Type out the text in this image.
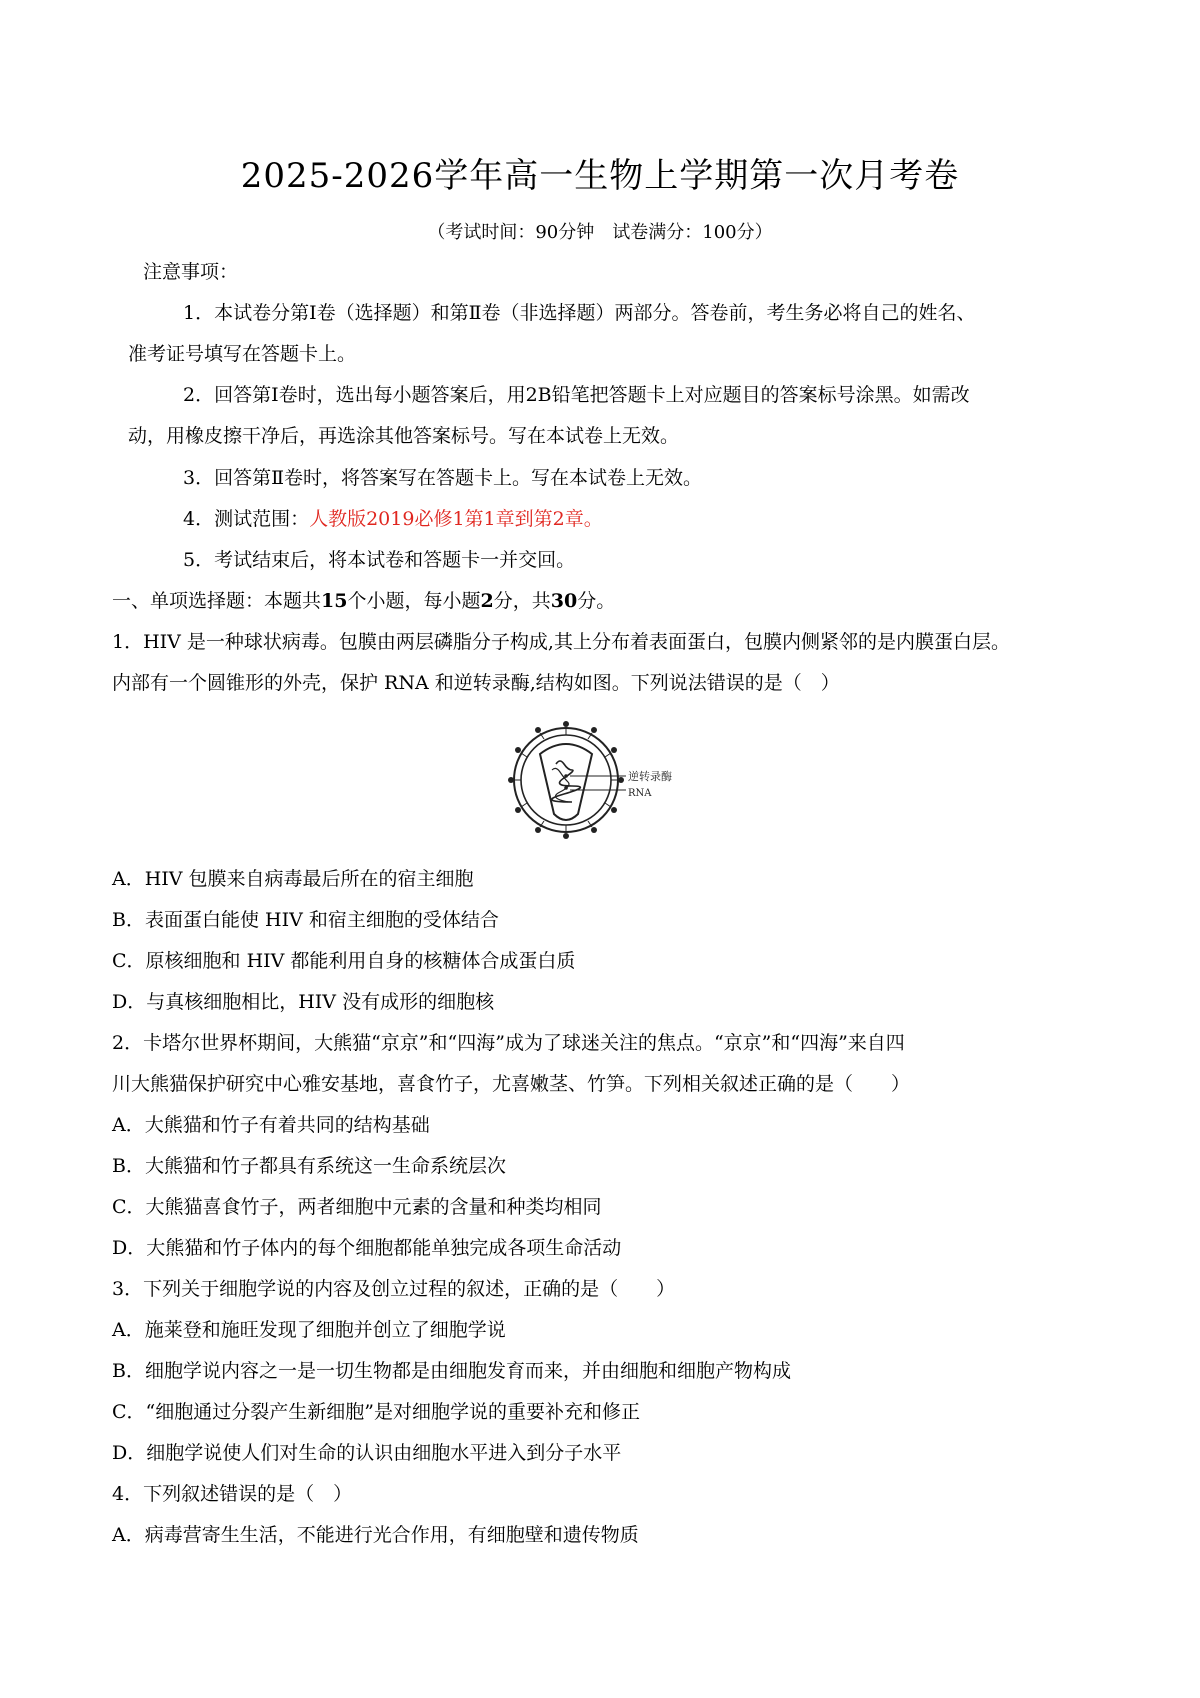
2025-2026学年高一生物上学期第一次月考卷
（考试时间：90分钟　试卷满分：100分）
注意事项：
1．本试卷分第Ⅰ卷（选择题）和第Ⅱ卷（非选择题）两部分。答卷前，考生务必将自己的姓名、
准考证号填写在答题卡上。
2．回答第Ⅰ卷时，选出每小题答案后，用2B铅笔把答题卡上对应题目的答案标号涂黑。如需改
动，用橡皮擦干净后，再选涂其他答案标号。写在本试卷上无效。
3．回答第Ⅱ卷时，将答案写在答题卡上。写在本试卷上无效。
4．测试范围：人教版2019必修1第1章到第2章。
5．考试结束后，将本试卷和答题卡一并交回。
一、单项选择题：本题共15个小题，每小题2分，共30分。
1．HIV 是一种球状病毒。包膜由两层磷脂分子构成,其上分布着表面蛋白，包膜内侧紧邻的是内膜蛋白层。
内部有一个圆锥形的外壳，保护 RNA 和逆转录酶,结构如图。下列说法错误的是（　）
逆转录酶
RNA
A．HIV 包膜来自病毒最后所在的宿主细胞
B．表面蛋白能使 HIV 和宿主细胞的受体结合
C．原核细胞和 HIV 都能利用自身的核糖体合成蛋白质
D．与真核细胞相比，HIV 没有成形的细胞核
2．卡塔尔世界杯期间，大熊猫“京京”和“四海”成为了球迷关注的焦点。“京京”和“四海”来自四
川大熊猫保护研究中心雅安基地，喜食竹子，尤喜嫩茎、竹笋。下列相关叙述正确的是（　　）
A．大熊猫和竹子有着共同的结构基础
B．大熊猫和竹子都具有系统这一生命系统层次
C．大熊猫喜食竹子，两者细胞中元素的含量和种类均相同
D．大熊猫和竹子体内的每个细胞都能单独完成各项生命活动
3．下列关于细胞学说的内容及创立过程的叙述，正确的是（　　）
A．施莱登和施旺发现了细胞并创立了细胞学说
B．细胞学说内容之一是一切生物都是由细胞发育而来，并由细胞和细胞产物构成
C．“细胞通过分裂产生新细胞”是对细胞学说的重要补充和修正
D．细胞学说使人们对生命的认识由细胞水平进入到分子水平
4．下列叙述错误的是（　）
A．病毒营寄生生活，不能进行光合作用，有细胞壁和遗传物质
